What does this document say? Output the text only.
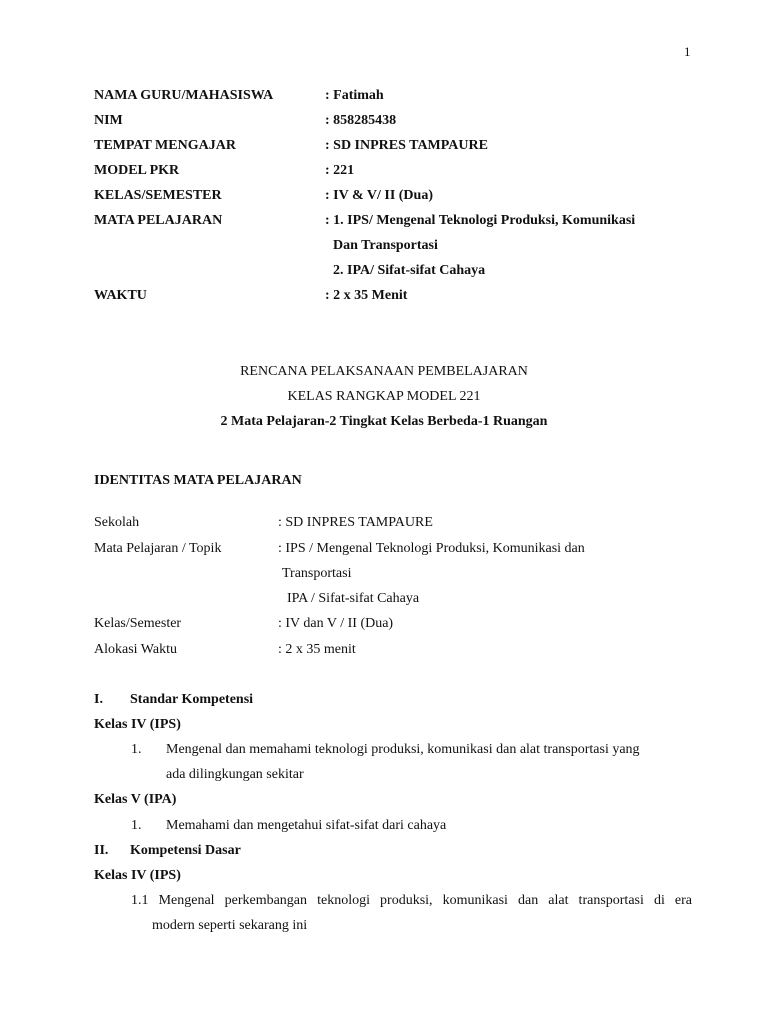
1
NAMA GURU/MAHASISWA	: Fatimah
NIM	: 858285438
TEMPAT MENGAJAR	: SD INPRES TAMPAURE
MODEL PKR	: 221
KELAS/SEMESTER	: IV & V/ II (Dua)
MATA PELAJARAN	: 1. IPS/ Mengenal Teknologi Produksi, Komunikasi
Dan Transportasi
2. IPA/ Sifat-sifat Cahaya
WAKTU	: 2 x 35 Menit
RENCANA PELAKSANAAN PEMBELAJARAN
KELAS RANGKAP MODEL 221
2 Mata Pelajaran-2 Tingkat Kelas Berbeda-1 Ruangan
IDENTITAS MATA PELAJARAN
Sekolah	: SD INPRES TAMPAURE
Mata Pelajaran / Topik	: IPS / Mengenal Teknologi Produksi, Komunikasi dan
Transportasi
IPA / Sifat-sifat Cahaya
Kelas/Semester	: IV dan V / II (Dua)
Alokasi Waktu	: 2 x 35 menit
I. Standar Kompetensi
Kelas IV (IPS)
1. Mengenal dan memahami teknologi produksi, komunikasi dan alat transportasi yang
ada dilingkungan sekitar
Kelas V (IPA)
1. Memahami dan mengetahui sifat-sifat dari cahaya
II. Kompetensi Dasar
Kelas IV (IPS)
1.1 Mengenal perkembangan teknologi produksi, komunikasi dan alat transportasi di era
modern seperti sekarang ini
